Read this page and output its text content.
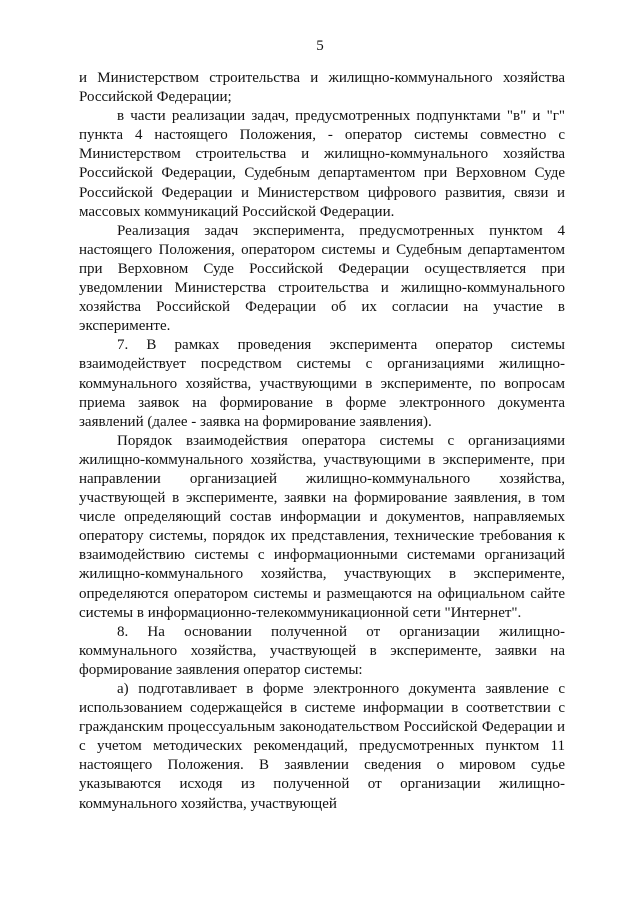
5

и Министерством строительства и жилищно-коммунального хозяйства Российской Федерации;

в части реализации задач, предусмотренных подпунктами "в" и "г" пункта 4 настоящего Положения, - оператор системы совместно с Министерством строительства и жилищно-коммунального хозяйства Российской Федерации, Судебным департаментом при Верховном Суде Российской Федерации и Министерством цифрового развития, связи и массовых коммуникаций Российской Федерации.

Реализация задач эксперимента, предусмотренных пунктом 4 настоящего Положения, оператором системы и Судебным департаментом при Верховном Суде Российской Федерации осуществляется при уведомлении Министерства строительства и жилищно-коммунального хозяйства Российской Федерации об их согласии на участие в эксперименте.

7. В рамках проведения эксперимента оператор системы взаимодействует посредством системы с организациями жилищно-коммунального хозяйства, участвующими в эксперименте, по вопросам приема заявок на формирование в форме электронного документа заявлений (далее - заявка на формирование заявления).

Порядок взаимодействия оператора системы с организациями жилищно-коммунального хозяйства, участвующими в эксперименте, при направлении организацией жилищно-коммунального хозяйства, участвующей в эксперименте, заявки на формирование заявления, в том числе определяющий состав информации и документов, направляемых оператору системы, порядок их представления, технические требования к взаимодействию системы с информационными системами организаций жилищно-коммунального хозяйства, участвующих в эксперименте, определяются оператором системы и размещаются на официальном сайте системы в информационно-телекоммуникационной сети "Интернет".

8. На основании полученной от организации жилищно-коммунального хозяйства, участвующей в эксперименте, заявки на формирование заявления оператор системы:

а) подготавливает в форме электронного документа заявление с использованием содержащейся в системе информации в соответствии с гражданским процессуальным законодательством Российской Федерации и с учетом методических рекомендаций, предусмотренных пунктом 11 настоящего Положения. В заявлении сведения о мировом судье указываются исходя из полученной от организации жилищно-коммунального хозяйства, участвующей
